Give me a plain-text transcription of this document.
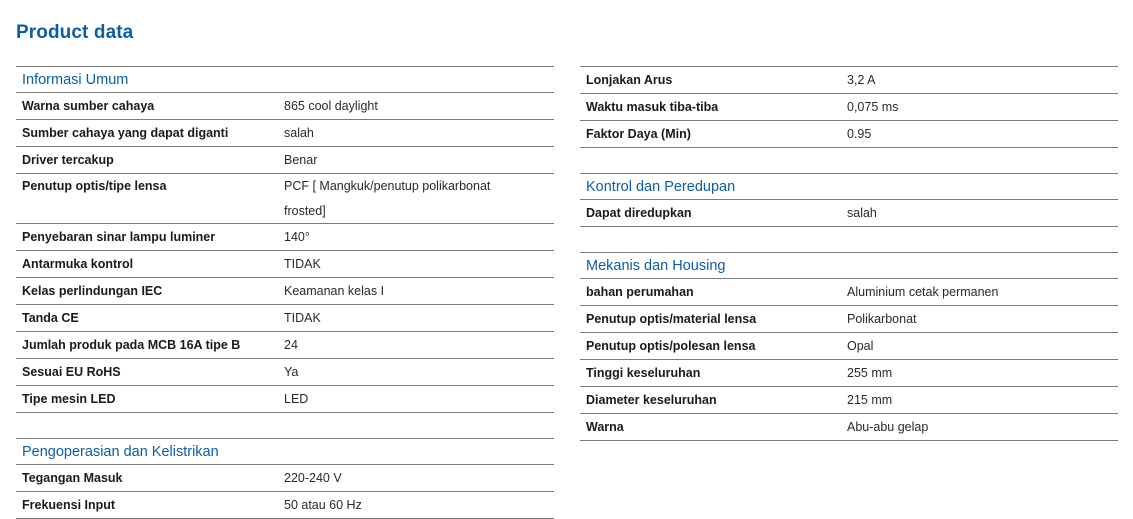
Product data
Informasi Umum
Warna sumber cahaya	865 cool daylight
Sumber cahaya yang dapat diganti	salah
Driver tercakup	Benar
Penutup optis/tipe lensa	PCF [ Mangkuk/penutup polikarbonat frosted]
Penyebaran sinar lampu luminer	140°
Antarmuka kontrol	TIDAK
Kelas perlindungan IEC	Keamanan kelas I
Tanda CE	TIDAK
Jumlah produk pada MCB 16A tipe B	24
Sesuai EU RoHS	Ya
Tipe mesin LED	LED
Pengoperasian dan Kelistrikan
Tegangan Masuk	220-240 V
Frekuensi Input	50 atau 60 Hz
Lonjakan Arus	3,2 A
Waktu masuk tiba-tiba	0,075 ms
Faktor Daya (Min)	0.95
Kontrol dan Peredupan
Dapat diredupkan	salah
Mekanis dan Housing
bahan perumahan	Aluminium cetak permanen
Penutup optis/material lensa	Polikarbonat
Penutup optis/polesan lensa	Opal
Tinggi keseluruhan	255 mm
Diameter keseluruhan	215 mm
Warna	Abu-abu gelap
